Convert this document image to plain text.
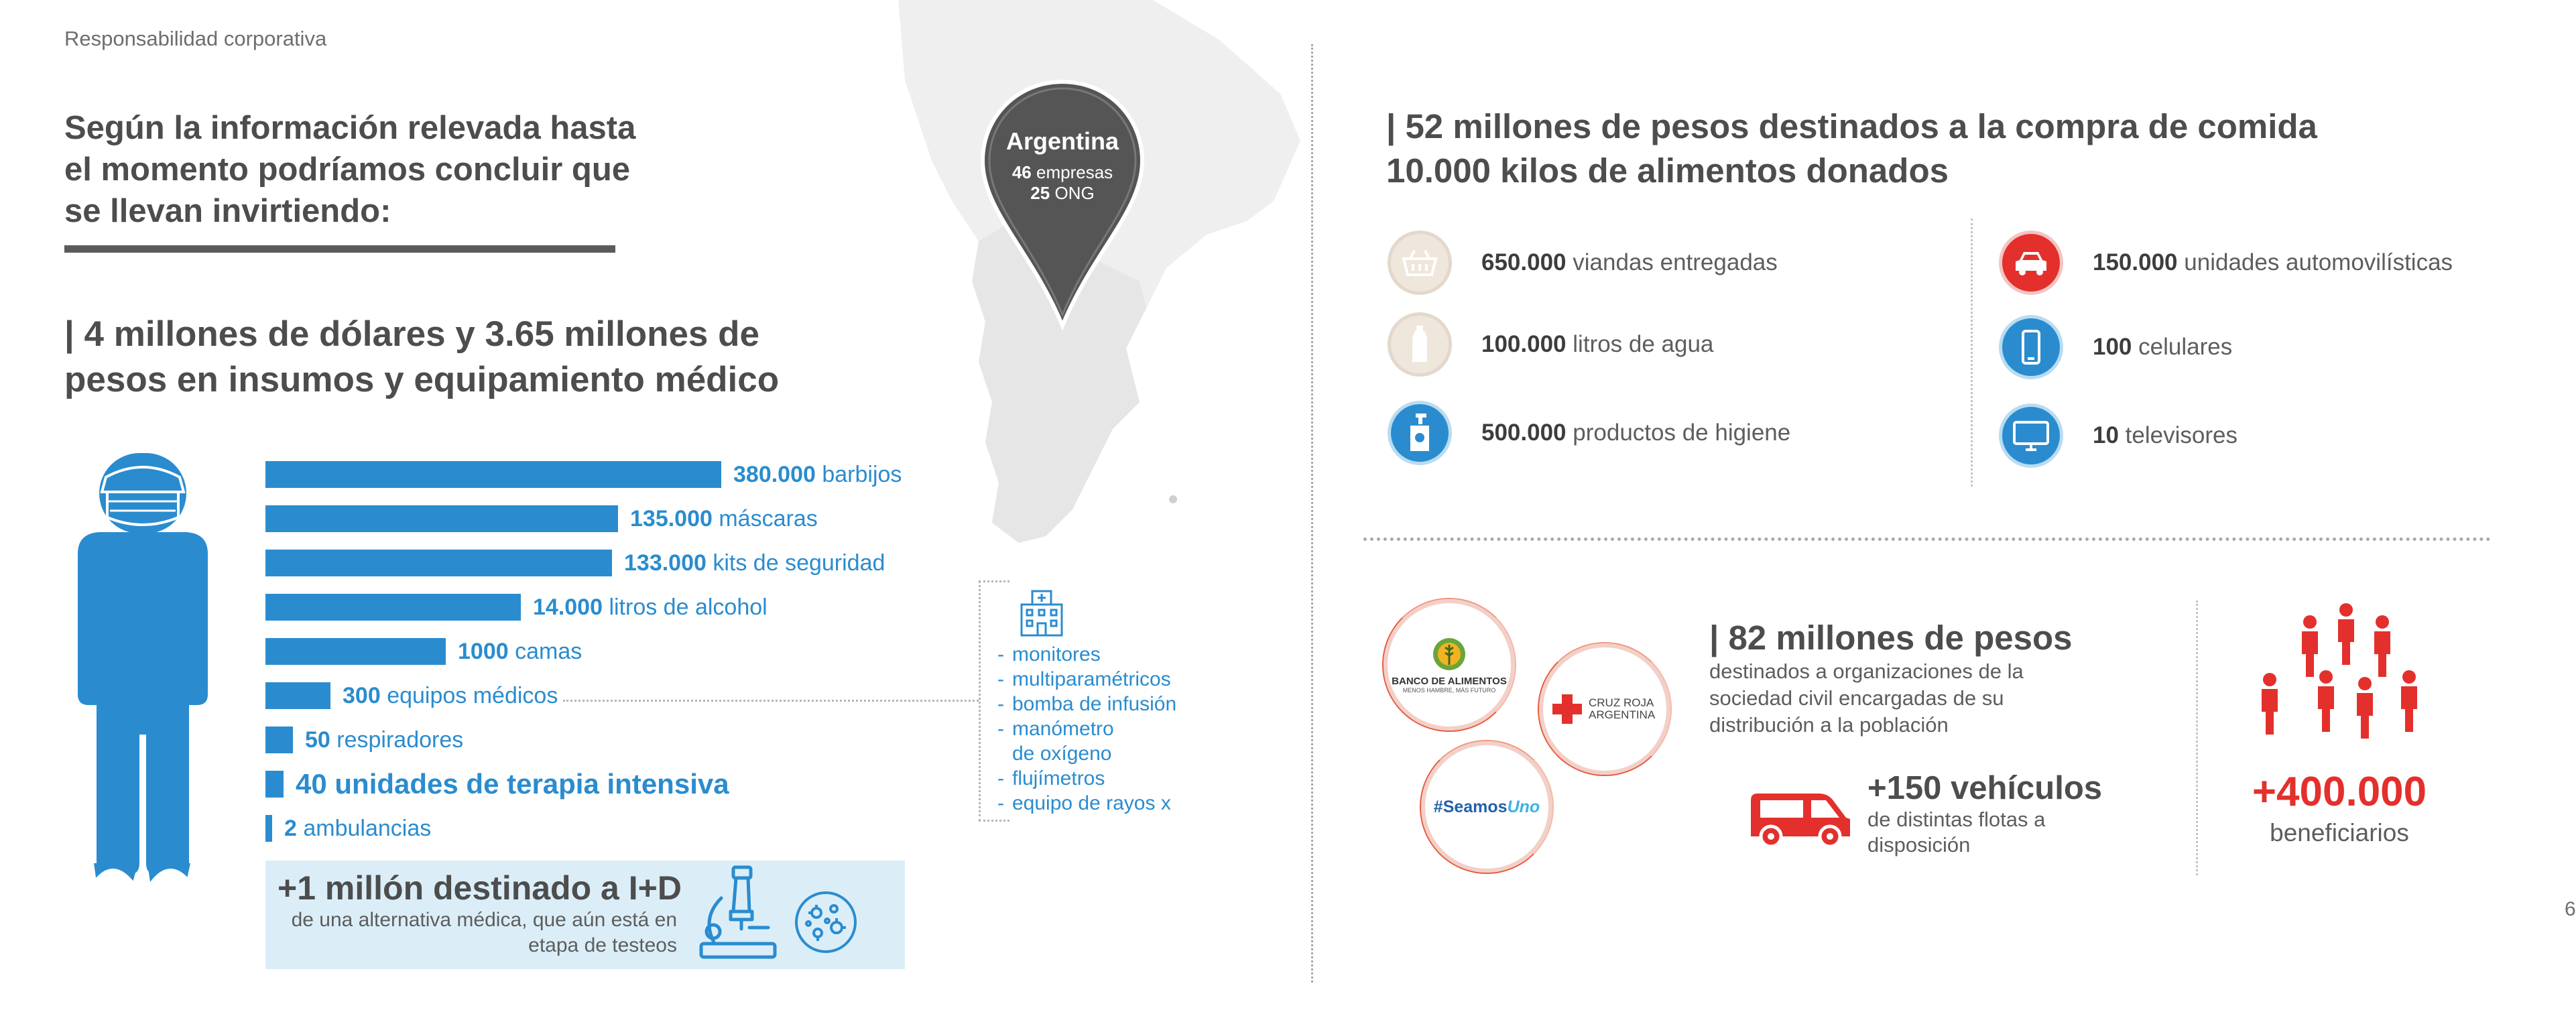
Responsabilidad corporativa
Según la información relevada hasta el momento podríamos concluir que se llevan invirtiendo:
| 4 millones de dólares y 3.65 millones de pesos en insumos y equipamiento médico
380.000 barbijos
135.000 máscaras
133.000 kits de seguridad
14.000 litros de alcohol
1000 camas
300 equipos médicos
50 respiradores
40 unidades de terapia intensiva
2 ambulancias
+1 millón destinado a I+D
de una alternativa médica, que aún está en etapa de testeos
Argentina
46 empresas
25 ONG
- monitores
- multiparamétricos
- bomba de infusión
- manómetro
de oxígeno
- flujímetros
- equipo de rayos x
| 52 millones de pesos destinados a la compra de comida
10.000 kilos de alimentos donados
650.000 viandas entregadas
100.000 litros de agua
500.000 productos de higiene
150.000 unidades automovilísticas
100 celulares
10 televisores
BANCO DE ALIMENTOS
MENOS HAMBRE, MÁS FUTURO
CRUZ ROJA ARGENTINA
#Seamos Uno
| 82 millones de pesos
destinados a organizaciones de la sociedad civil encargadas de su distribución a la población
+150 vehículos
de distintas flotas a disposición
+400.000
beneficiarios
6
